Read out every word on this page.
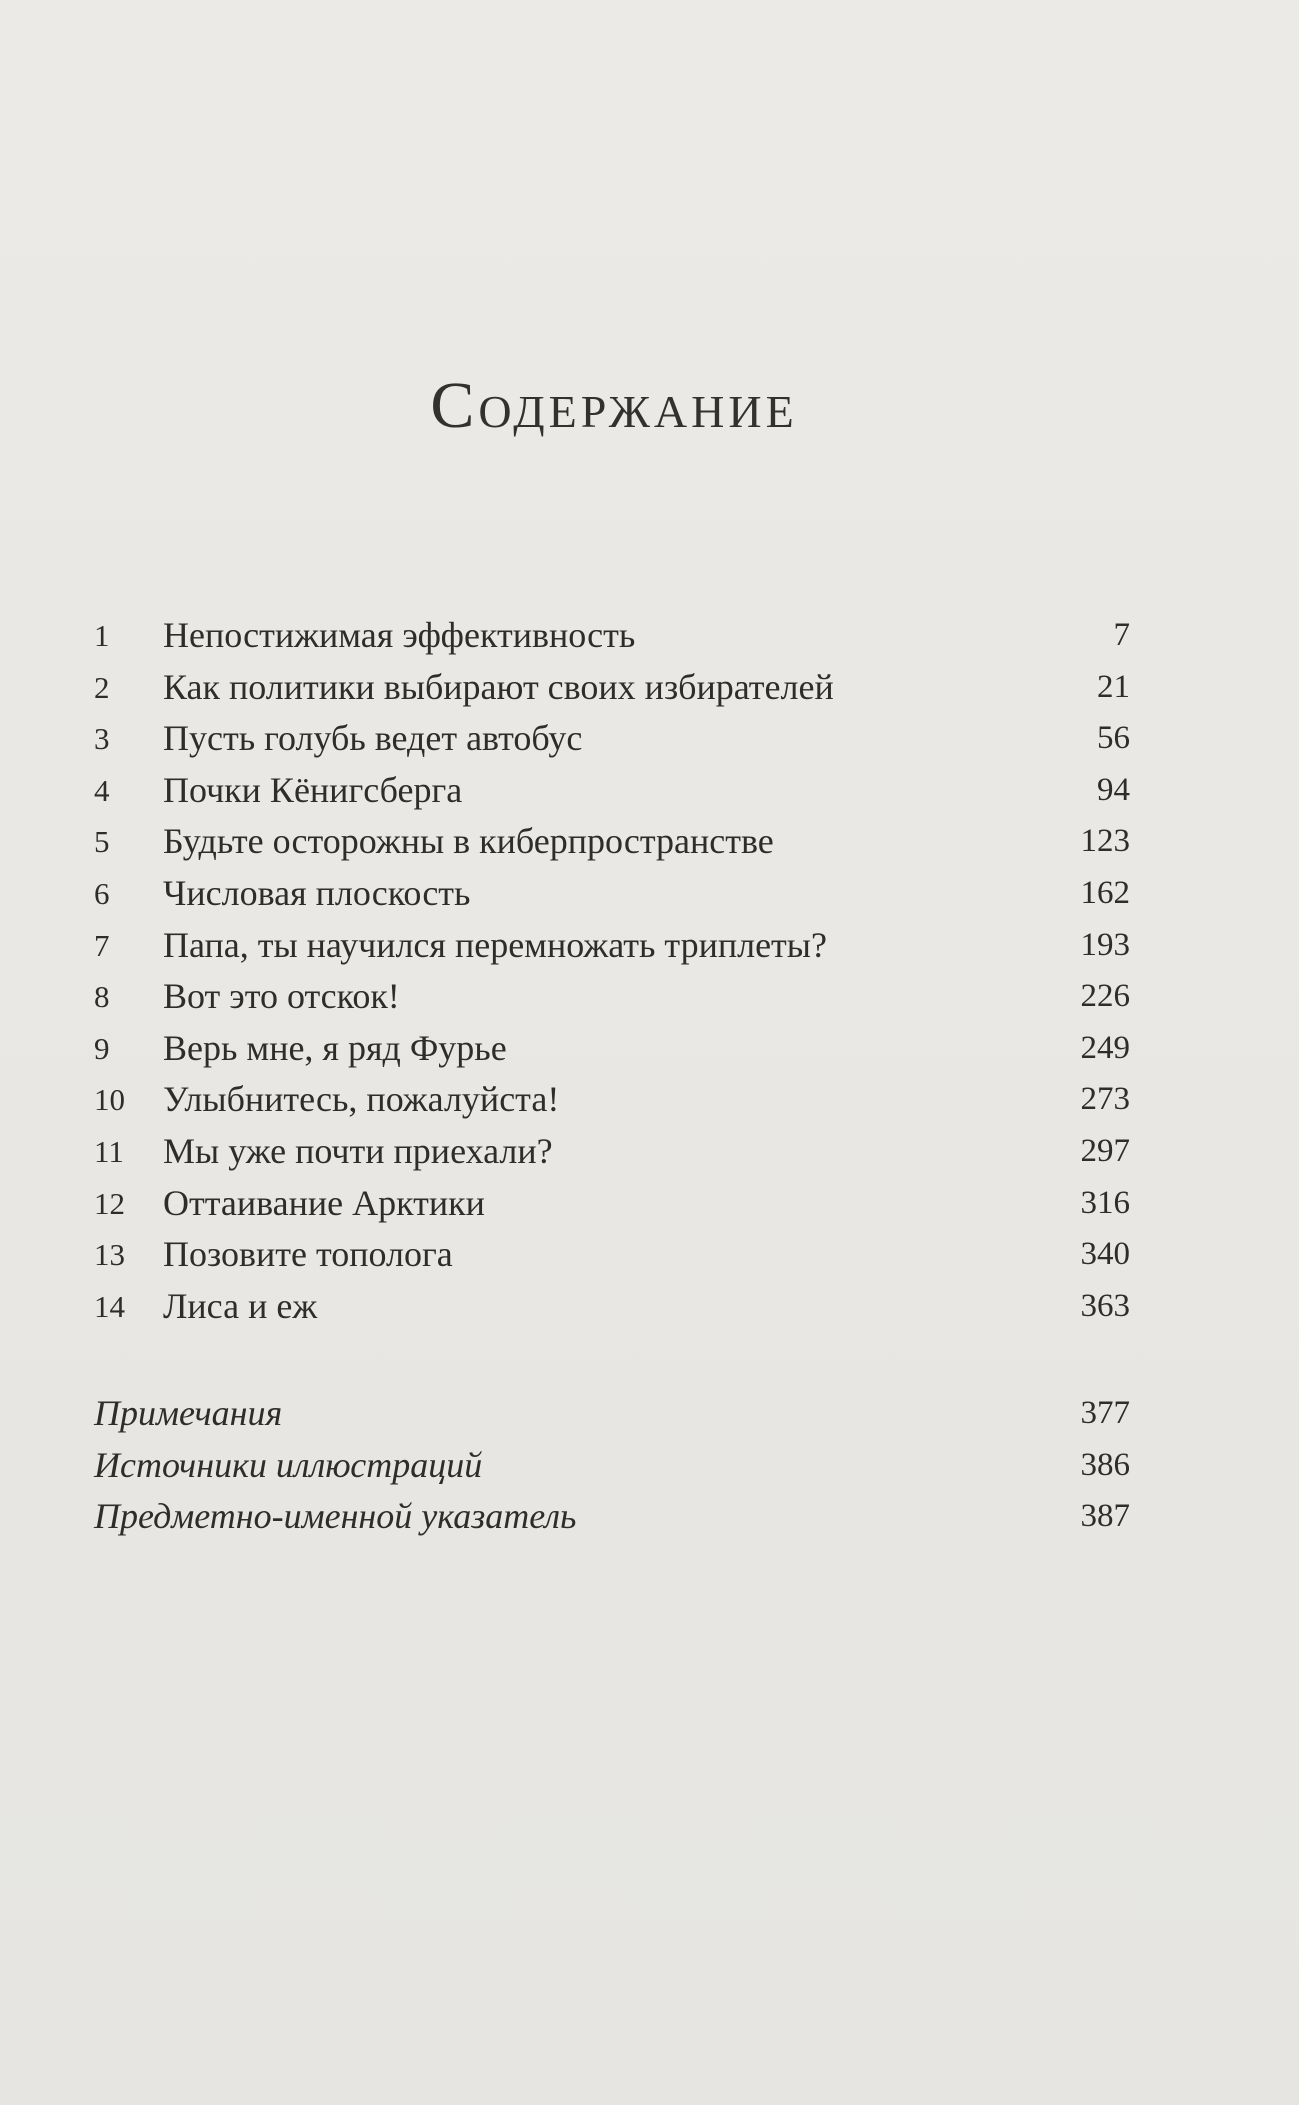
Содержание
1	Непостижимая эффективность	7
2	Как политики выбирают своих избирателей	21
3	Пусть голубь ведет автобус	56
4	Почки Кёнигсберга	94
5	Будьте осторожны в киберпространстве	123
6	Числовая плоскость	162
7	Папа, ты научился перемножать триплеты?	193
8	Вот это отскок!	226
9	Верь мне, я ряд Фурье	249
10	Улыбнитесь, пожалуйста!	273
11	Мы уже почти приехали?	297
12	Оттаивание Арктики	316
13	Позовите тополога	340
14	Лиса и еж	363
Примечания	377
Источники иллюстраций	386
Предметно-именной указатель	387
